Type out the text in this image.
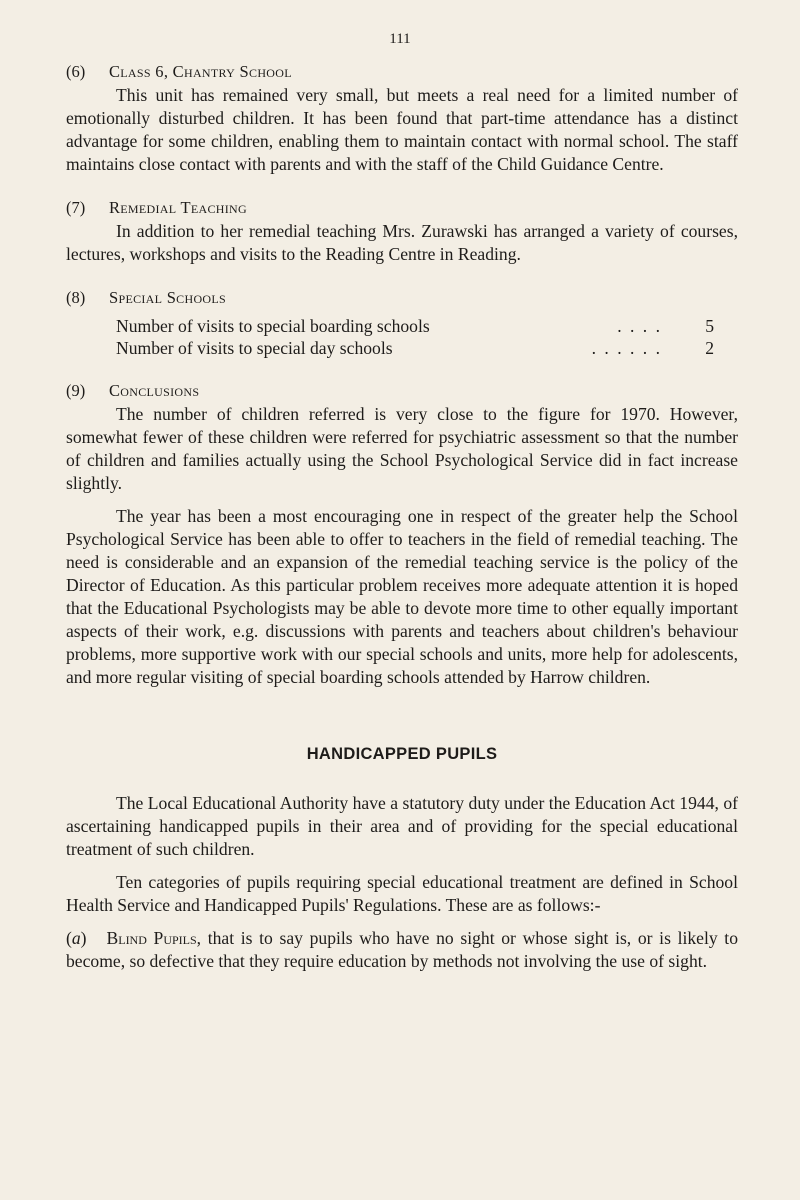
111
(6) Class 6, Chantry School

This unit has remained very small, but meets a real need for a limited number of emotionally disturbed children. It has been found that part-time attendance has a distinct advantage for some children, enabling them to maintain contact with normal school. The staff maintains close contact with parents and with the staff of the Child Guidance Centre.

(7) Remedial Teaching

In addition to her remedial teaching Mrs. Zurawski has arranged a variety of courses, lectures, workshops and visits to the Reading Centre in Reading.

(8) Special Schools
Number of visits to special boarding schools	. . . .	5
Number of visits to special day schools	. . . . . .	2
(9) Conclusions

The number of children referred is very close to the figure for 1970. However, somewhat fewer of these children were referred for psychiatric assessment so that the number of children and families actually using the School Psychological Service did in fact increase slightly.

The year has been a most encouraging one in respect of the greater help the School Psychological Service has been able to offer to teachers in the field of remedial teaching. The need is considerable and an expansion of the remedial teaching service is the policy of the Director of Education. As this particular problem receives more adequate attention it is hoped that the Educational Psychologists may be able to devote more time to other equally important aspects of their work, e.g. discussions with parents and teachers about children's behaviour problems, more supportive work with our special schools and units, more help for adolescents, and more regular visiting of special boarding schools attended by Harrow children.

HANDICAPPED PUPILS

The Local Educational Authority have a statutory duty under the Education Act 1944, of ascertaining handicapped pupils in their area and of providing for the special educational treatment of such children.

Ten categories of pupils requiring special educational treatment are defined in School Health Service and Handicapped Pupils' Regulations. These are as follows:-

(a)   Blind Pupils, that is to say pupils who have no sight or whose sight is, or is likely to become, so defective that they require education by methods not involving the use of sight.
